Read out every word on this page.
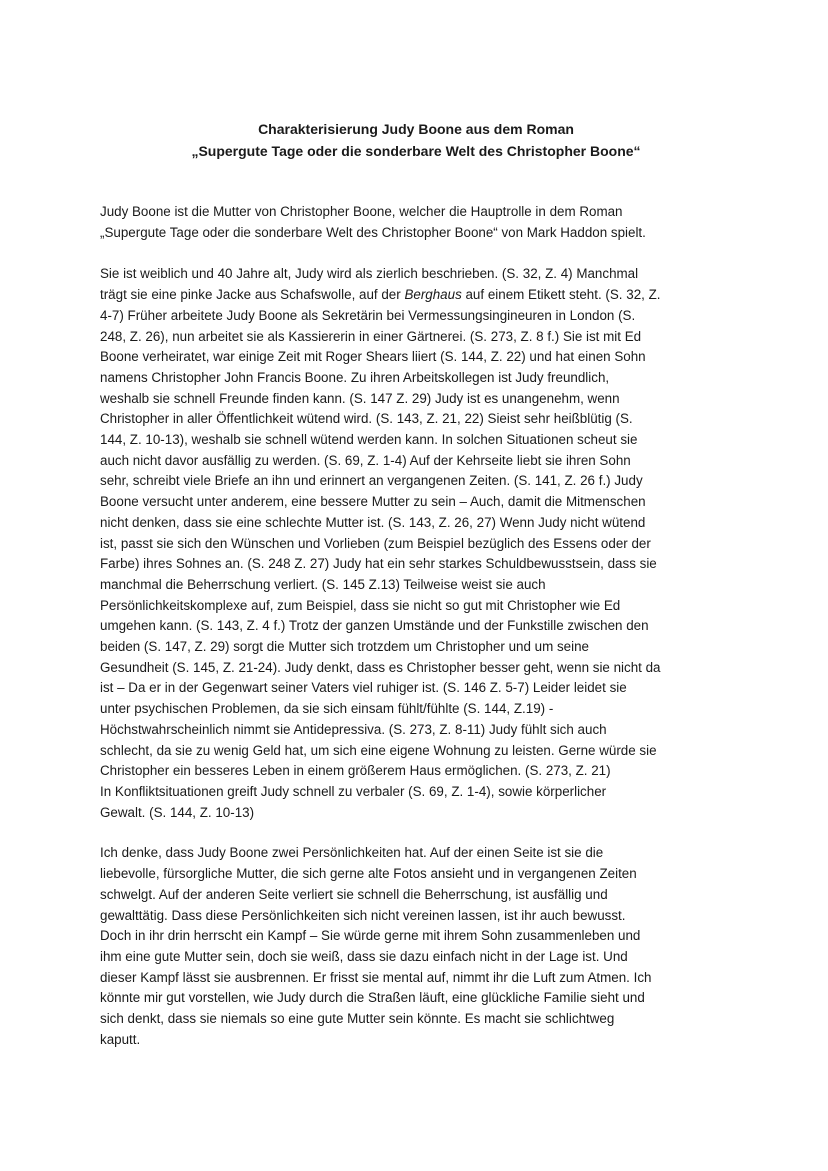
Charakterisierung Judy Boone aus dem Roman
„Supergute Tage oder die sonderbare Welt des Christopher Boone“
Judy Boone ist die Mutter von Christopher Boone, welcher die Hauptrolle in dem Roman
„Supergute Tage oder die sonderbare Welt des Christopher Boone“ von Mark Haddon spielt.
Sie ist weiblich und 40 Jahre alt, Judy wird als zierlich beschrieben. (S. 32, Z. 4) Manchmal
trägt sie eine pinke Jacke aus Schafswolle, auf der Berghaus auf einem Etikett steht. (S. 32, Z.
4-7) Früher arbeitete Judy Boone als Sekretärin bei Vermessungsingineuren in London (S.
248, Z. 26), nun arbeitet sie als Kassiererin in einer Gärtnerei. (S. 273, Z. 8 f.) Sie ist mit Ed
Boone verheiratet, war einige Zeit mit Roger Shears liiert (S. 144, Z. 22) und hat einen Sohn
namens Christopher John Francis Boone. Zu ihren Arbeitskollegen ist Judy freundlich,
weshalb sie schnell Freunde finden kann. (S. 147 Z. 29) Judy ist es unangenehm, wenn
Christopher in aller Öffentlichkeit wütend wird. (S. 143, Z. 21, 22) Sieist sehr heißblütig (S.
144, Z. 10-13), weshalb sie schnell wütend werden kann. In solchen Situationen scheut sie
auch nicht davor ausfällig zu werden. (S. 69, Z. 1-4) Auf der Kehrseite liebt sie ihren Sohn
sehr, schreibt viele Briefe an ihn und erinnert an vergangenen Zeiten. (S. 141, Z. 26 f.) Judy
Boone versucht unter anderem, eine bessere Mutter zu sein – Auch, damit die Mitmenschen
nicht denken, dass sie eine schlechte Mutter ist. (S. 143, Z. 26, 27) Wenn Judy nicht wütend
ist, passt sie sich den Wünschen und Vorlieben (zum Beispiel bezüglich des Essens oder der
Farbe) ihres Sohnes an. (S. 248 Z. 27) Judy hat ein sehr starkes Schuldbewusstsein, dass sie
manchmal die Beherrschung verliert. (S. 145 Z.13) Teilweise weist sie auch
Persönlichkeitskomplexe auf, zum Beispiel, dass sie nicht so gut mit Christopher wie Ed
umgehen kann. (S. 143, Z. 4 f.) Trotz der ganzen Umstände und der Funkstille zwischen den
beiden (S. 147, Z. 29) sorgt die Mutter sich trotzdem um Christopher und um seine
Gesundheit (S. 145, Z. 21-24). Judy denkt, dass es Christopher besser geht, wenn sie nicht da
ist – Da er in der Gegenwart seiner Vaters viel ruhiger ist. (S. 146 Z. 5-7) Leider leidet sie
unter psychischen Problemen, da sie sich einsam fühlt/fühlte (S. 144, Z.19) -
Höchstwahrscheinlich nimmt sie Antidepressiva. (S. 273, Z. 8-11) Judy fühlt sich auch
schlecht, da sie zu wenig Geld hat, um sich eine eigene Wohnung zu leisten. Gerne würde sie
Christopher ein besseres Leben in einem größerem Haus ermöglichen. (S. 273, Z. 21)
In Konfliktsituationen greift Judy schnell zu verbaler (S. 69, Z. 1-4), sowie körperlicher
Gewalt. (S. 144, Z. 10-13)
Ich denke, dass Judy Boone zwei Persönlichkeiten hat. Auf der einen Seite ist sie die
liebevolle, fürsorgliche Mutter, die sich gerne alte Fotos ansieht und in vergangenen Zeiten
schwelgt. Auf der anderen Seite verliert sie schnell die Beherrschung, ist ausfällig und
gewalttätig. Dass diese Persönlichkeiten sich nicht vereinen lassen, ist ihr auch bewusst.
Doch in ihr drin herrscht ein Kampf – Sie würde gerne mit ihrem Sohn zusammenleben und
ihm eine gute Mutter sein, doch sie weiß, dass sie dazu einfach nicht in der Lage ist. Und
dieser Kampf lässt sie ausbrennen. Er frisst sie mental auf, nimmt ihr die Luft zum Atmen. Ich
könnte mir gut vorstellen, wie Judy durch die Straßen läuft, eine glückliche Familie sieht und
sich denkt, dass sie niemals so eine gute Mutter sein könnte. Es macht sie schlichtweg
kaputt.
